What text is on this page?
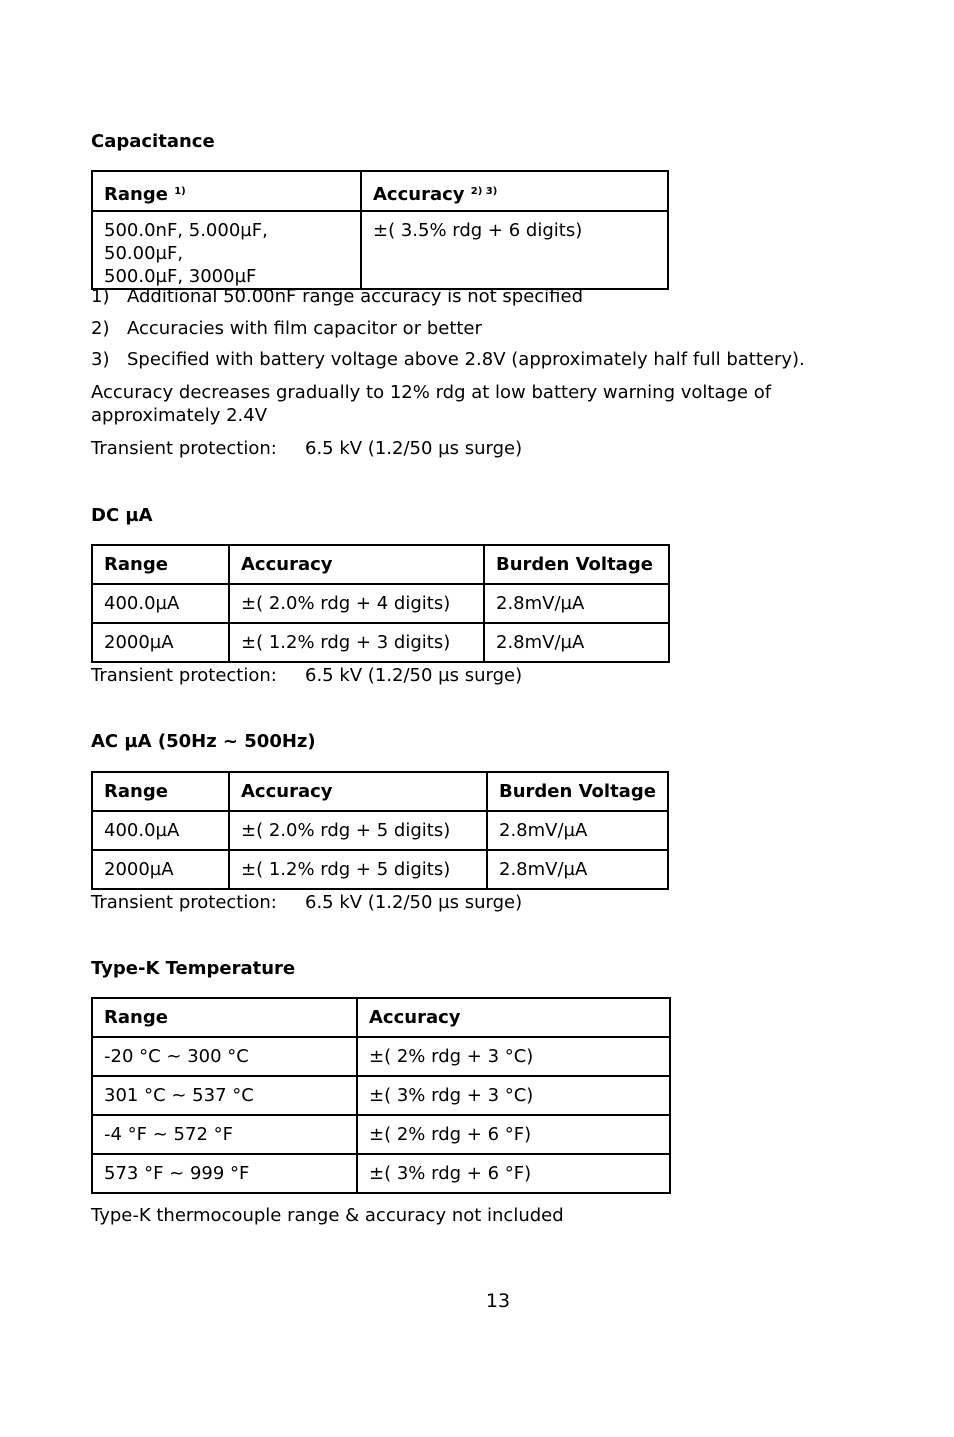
Capacitance
Range $^{1)}$	Accuracy $^{2) 3)}$

500.0nF, 5.000µF, 50.00µF,
500.0µF, 3000µF	±( 3.5% rdg + 6 digits)
1) Additional 50.00nF range accuracy is not specified
2) Accuracies with film capacitor or better
3) Specified with battery voltage above 2.8V (approximately half full battery).
Accuracy decreases gradually to 12% rdg at low battery warning voltage of
approximately 2.4V
Transient protection: 6.5 kV (1.2/50 µs surge)
DC µA
Range	Accuracy	Burden Voltage
400.0µA	±( 2.0% rdg + 4 digits)	2.8mV/µA
2000µA	±( 1.2% rdg + 3 digits)	2.8mV/µA
Transient protection: 6.5 kV (1.2/50 µs surge)
AC µA (50Hz ~ 500Hz)
Range	Accuracy	Burden Voltage
400.0µA	±( 2.0% rdg + 5 digits)	2.8mV/µA
2000µA	±( 1.2% rdg + 5 digits)	2.8mV/µA
Transient protection: 6.5 kV (1.2/50 µs surge)
Type-K Temperature
Range	Accuracy
-20 °C ~ 300 °C	±( 2% rdg + 3 °C)
301 °C ~ 537 °C	±( 3% rdg + 3 °C)
-4 °F ~ 572 °F	±( 2% rdg + 6 °F)
573 °F ~ 999 °F	±( 3% rdg + 6 °F)
Type-K thermocouple range & accuracy not included
13
